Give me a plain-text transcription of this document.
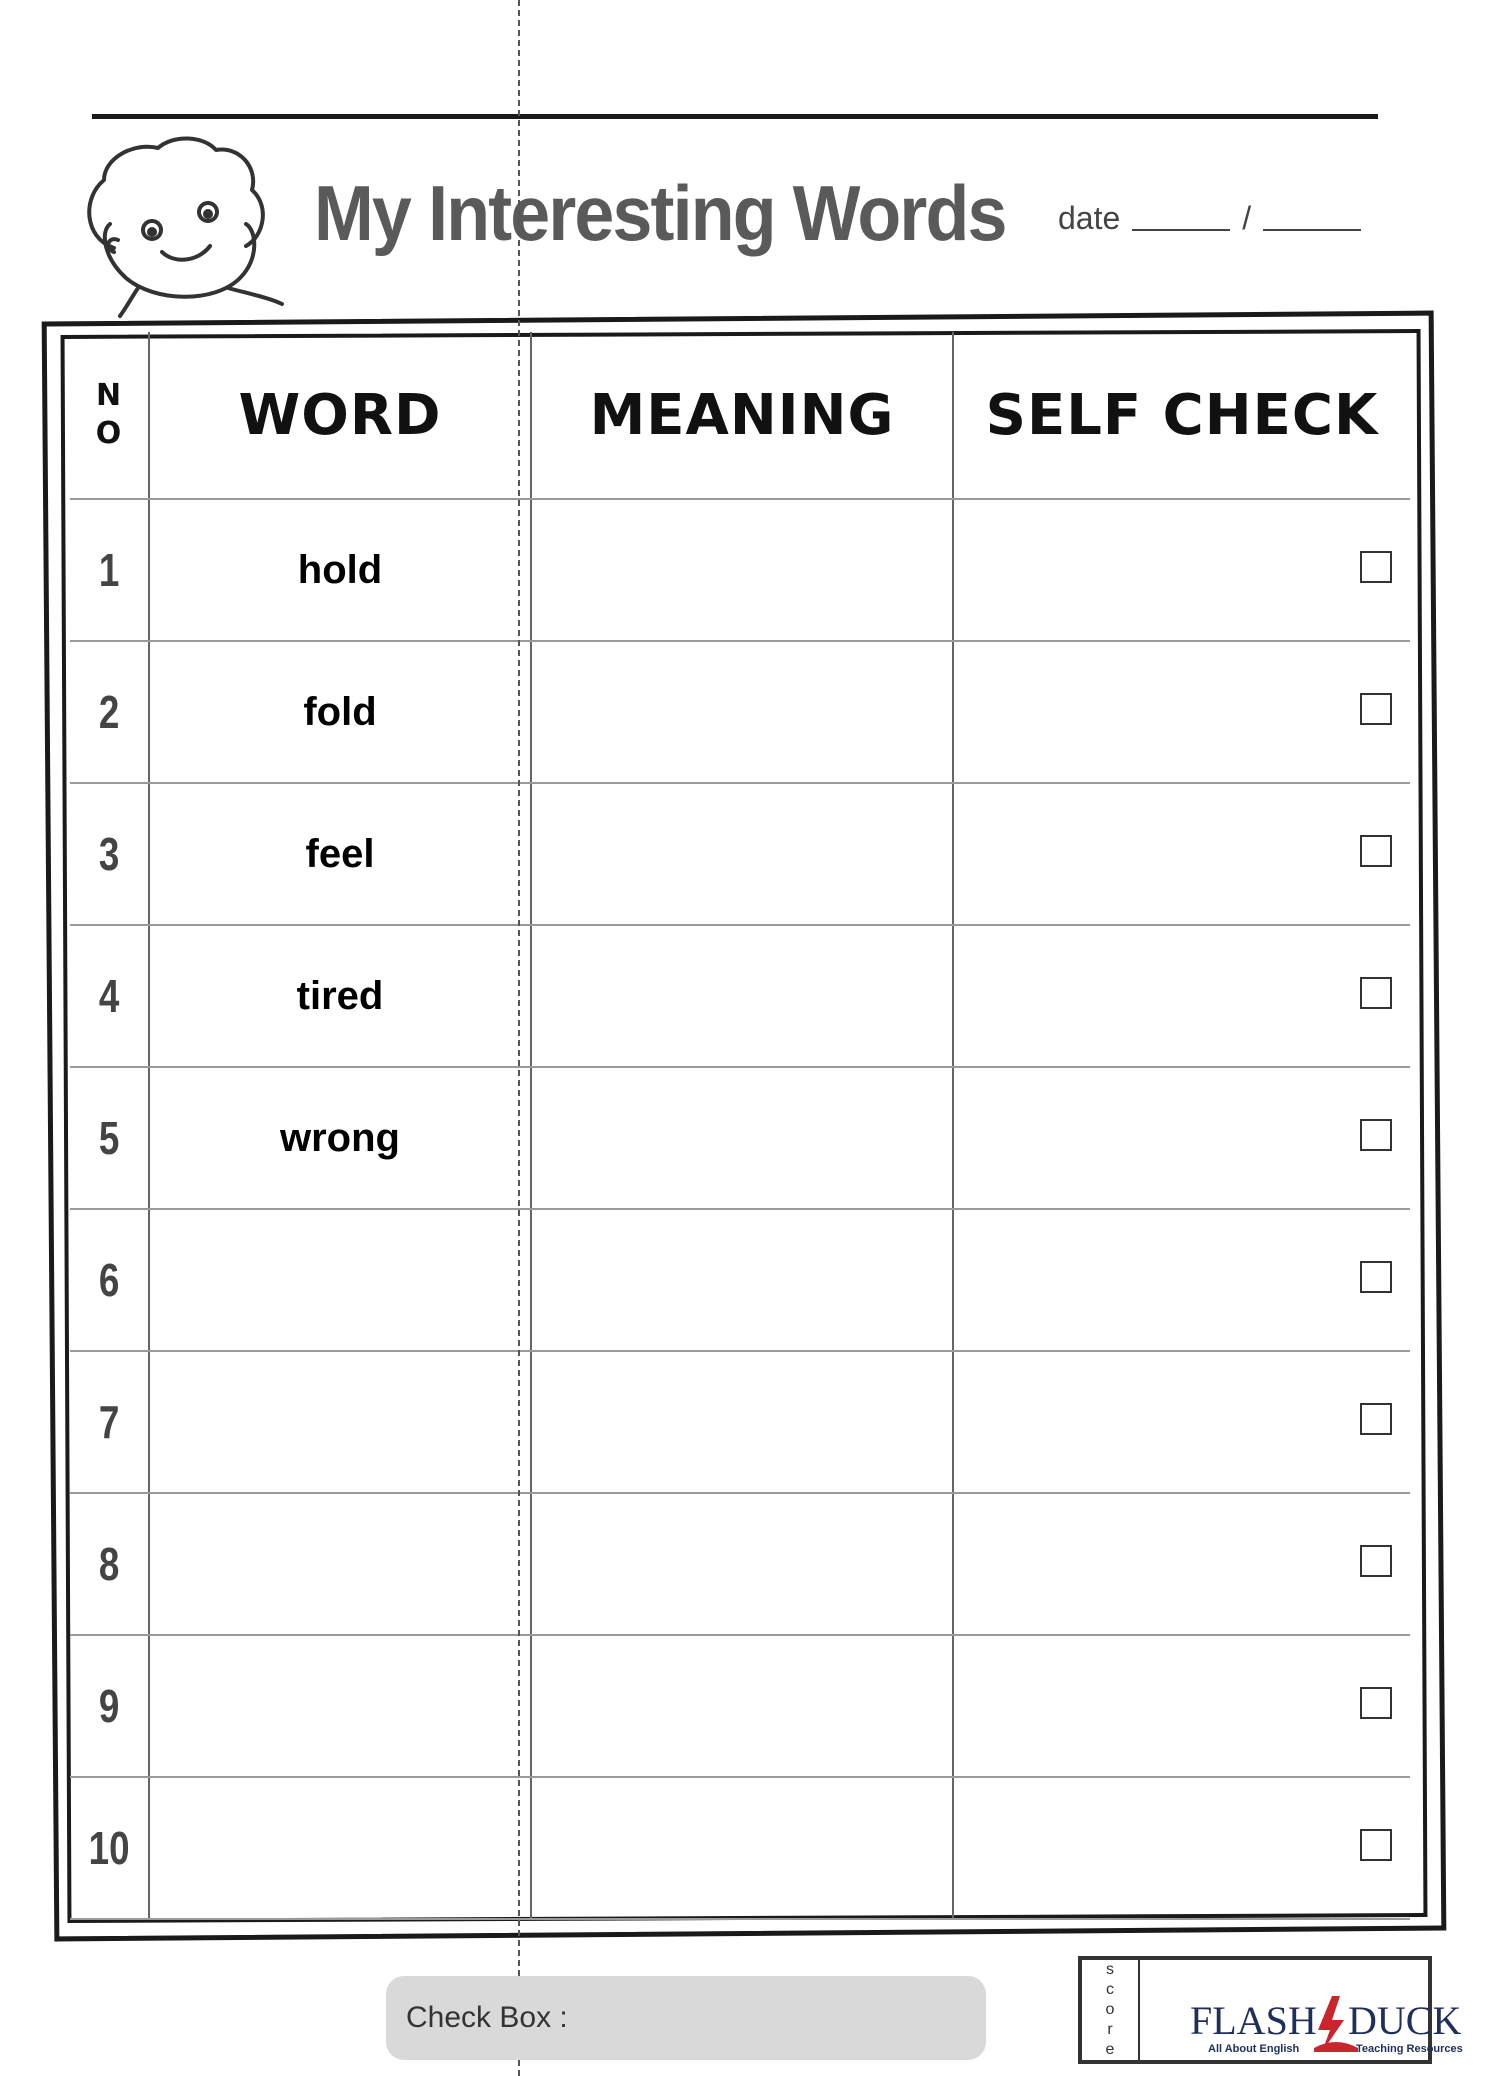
My Interesting Words date	/
N
O	WORD	MEANING	SELF CHECK
1	hold		

2	fold		

3	feel		

4	tired		

5	wrong		

6			

7			

8			

9			

10			
Check Box :
s
c
o
r
e
FLASH DUCK
All About English	Teaching Resources
